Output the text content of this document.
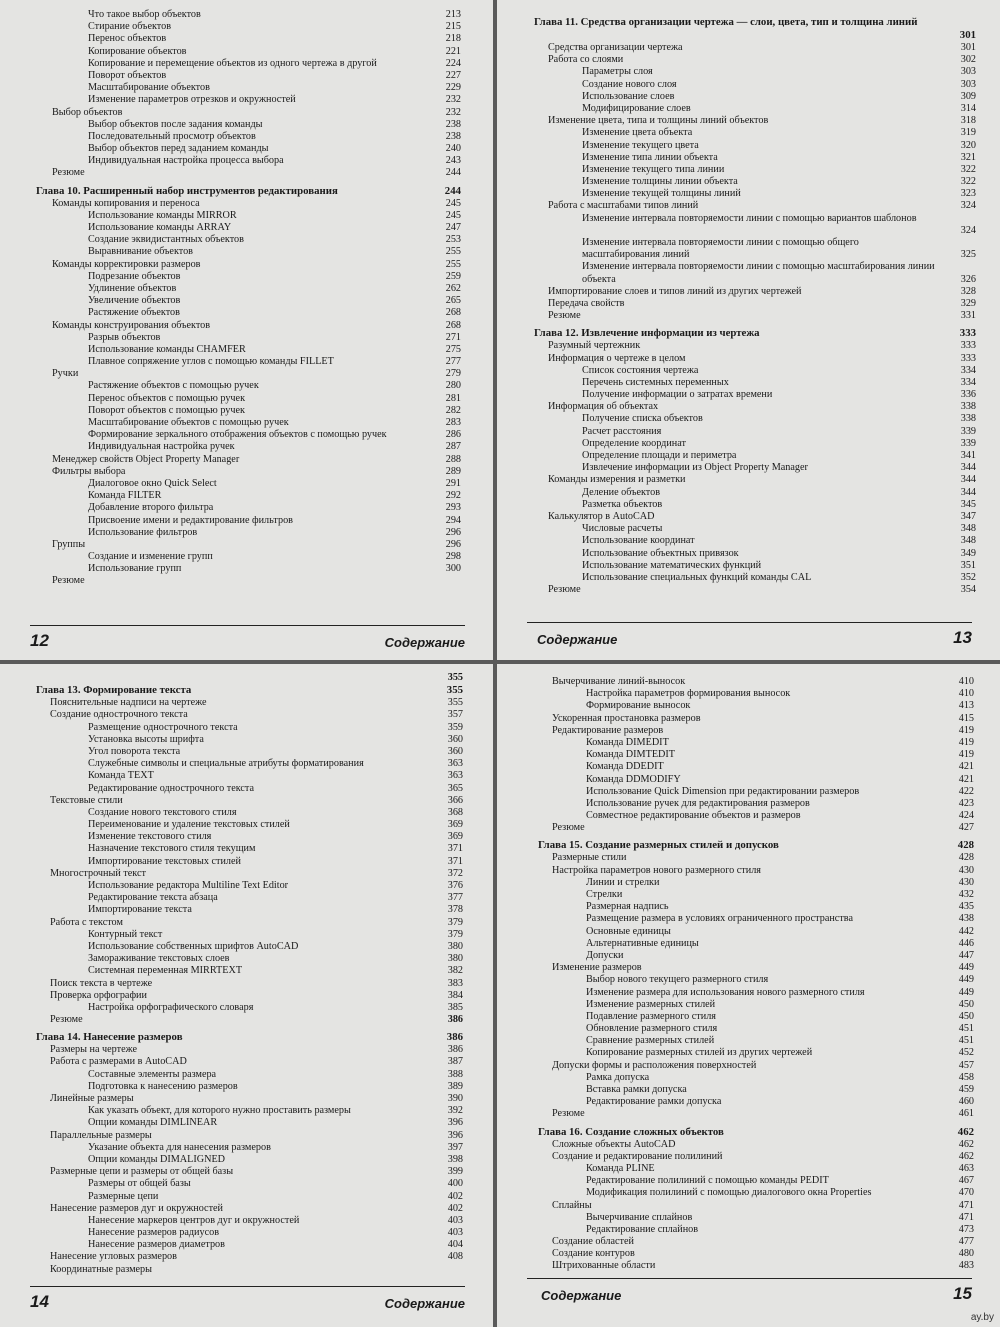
Что такое выбор объектов	213
Стирание объектов	215
Перенос объектов	218
Копирование объектов	221
Копирование и перемещение объектов из одного чертежа в другой	224
Поворот объектов	227
Масштабирование объектов	229
Изменение параметров отрезков и окружностей	232
Выбор объектов	232
Выбор объектов после задания команды	238
Последовательный просмотр объектов	238
Выбор объектов перед заданием команды	240
Индивидуальная настройка процесса выбора	243
Резюме	244
Глава 10. Расширенный набор инструментов редактирования	244
Команды копирования и переноса	245
Использование команды MIRROR	245
Использование команды ARRAY	247
Создание эквидистантных объектов	253
Выравнивание объектов	255
Команды корректировки размеров	255
Подрезание объектов	259
Удлинение объектов	262
Увеличение объектов	265
Растяжение объектов	268
Команды конструирования объектов	268
Разрыв объектов	271
Использование команды CHAMFER	275
Плавное сопряжение углов с помощью команды FILLET	277
Ручки	279
Растяжение объектов с помощью ручек	280
Перенос объектов с помощью ручек	281
Поворот объектов с помощью ручек	282
Масштабирование объектов с помощью ручек	283
Формирование зеркального отображения объектов с помощью ручек	286
Индивидуальная настройка ручек	287
Менеджер свойств Object Property Manager	288
Фильтры выбора	289
Диалоговое окно Quick Select	291
Команда FILTER	292
Добавление второго фильтра	293
Присвоение имени и редактирование фильтров	294
Использование фильтров	296
Группы	296
Создание и изменение групп	298
Использование групп	300
Резюме
12	Содержание
Глава 11. Средства организации чертежа — слои, цвета, тип и толщина линий
301
Средства организации чертежа	301
Работа со слоями	302
Параметры слоя	303
Создание нового слоя	303
Использование слоев	309
Модифицирование слоев	314
Изменение цвета, типа и толщины линий объектов	318
Изменение цвета объекта	319
Изменение текущего цвета	320
Изменение типа линии объекта	321
Изменение текущего типа линии	322
Изменение толщины линии объекта	322
Изменение текущей толщины линий	323
Работа с масштабами типов линий	324
Изменение интервала повторяемости линии с помощью вариантов шаблонов
324
Изменение интервала повторяемости линии с помощью общего масштабирования линий	325
Изменение интервала повторяемости линии с помощью масштабирования линии объекта	326
Импортирование слоев и типов линий из других чертежей	328
Передача свойств	329
Резюме	331
Глава 12. Извлечение информации из чертежа	333
Разумный чертежник	333
Информация о чертеже в целом	333
Список состояния чертежа	334
Перечень системных переменных	334
Получение информации о затратах времени	336
Информация об объектах	338
Получение списка объектов	338
Расчет расстояния	339
Определение координат	339
Определение площади и периметра	341
Извлечение информации из Object Property Manager	344
Команды измерения и разметки	344
Деление объектов	344
Разметка объектов	345
Калькулятор в AutoCAD	347
Числовые расчеты	348
Использование координат	348
Использование объектных привязок	349
Использование математических функций	351
Использование специальных функций команды CAL	352
Резюме	354
Содержание	13
355
Глава 13. Формирование текста	355
Пояснительные надписи на чертеже	355
Создание однострочного текста	357
Размещение однострочного текста	359
Установка высоты шрифта	360
Угол поворота текста	360
Служебные символы и специальные атрибуты форматирования	363
Команда TEXT	363
Редактирование однострочного текста	365
Текстовые стили	366
Создание нового текстового стиля	368
Переименование и удаление текстовых стилей	369
Изменение текстового стиля	369
Назначение текстового стиля текущим	371
Импортирование текстовых стилей	371
Многострочный текст	372
Использование редактора Multiline Text Editor	376
Редактирование текста абзаца	377
Импортирование текста	378
Работа с текстом	379
Контурный текст	379
Использование собственных шрифтов AutoCAD	380
Замораживание текстовых слоев	380
Системная переменная MIRRTEXT	382
Поиск текста в чертеже	383
Проверка орфографии	384
Настройка орфографического словаря	385
Резюме	386
Глава 14. Нанесение размеров	386
Размеры на чертеже	386
Работа с размерами в AutoCAD	387
Составные элементы размера	388
Подготовка к нанесению размеров	389
Линейные размеры	390
Как указать объект, для которого нужно проставить размеры	392
Опции команды DIMLINEAR	396
Параллельные размеры	396
Указание объекта для нанесения размеров	397
Опции команды DIMALIGNED	398
Размерные цепи и размеры от общей базы	399
Размеры от общей базы	400
Размерные цепи	402
Нанесение размеров дуг и окружностей	402
Нанесение маркеров центров дуг и окружностей	403
Нанесение размеров радиусов	403
Нанесение размеров диаметров	404
Нанесение угловых размеров	408
Координатные размеры
14	Содержание
Вычерчивание линий-выносок	410
Настройка параметров формирования выносок	410
Формирование выносок	413
Ускоренная простановка размеров	415
Редактирование размеров	419
Команда DIMEDIT	419
Команда DIMTEDIT	419
Команда DDEDIT	421
Команда DDMODIFY	421
Использование Quick Dimension при редактировании размеров	422
Использование ручек для редактирования размеров	423
Совместное редактирование объектов и размеров	424
Резюме	427
Глава 15. Создание размерных стилей и допусков	428
Размерные стили	428
Настройка параметров нового размерного стиля	430
Линии и стрелки	430
Стрелки	432
Размерная надпись	435
Размещение размера в условиях ограниченного пространства	438
Основные единицы	442
Альтернативные единицы	446
Допуски	447
Изменение размеров	449
Выбор нового текущего размерного стиля	449
Изменение размера для использования нового размерного стиля	449
Изменение размерных стилей	450
Подавление размерного стиля	450
Обновление размерного стиля	451
Сравнение размерных стилей	451
Копирование размерных стилей из других чертежей	452
Допуски формы и расположения поверхностей	457
Рамка допуска	458
Вставка рамки допуска	459
Редактирование рамки допуска	460
Резюме	461
Глава 16. Создание сложных объектов	462
Сложные объекты AutoCAD	462
Создание и редактирование полилиний	462
Команда PLINE	463
Редактирование полилиний с помощью команды PEDIT	467
Модификация полилиний с помощью диалогового окна Properties	470
Сплайны	471
Вычерчивание сплайнов	471
Редактирование сплайнов	473
Создание областей	477
Создание контуров	480
Штрихованные области	483
Содержание	15
ay.by
